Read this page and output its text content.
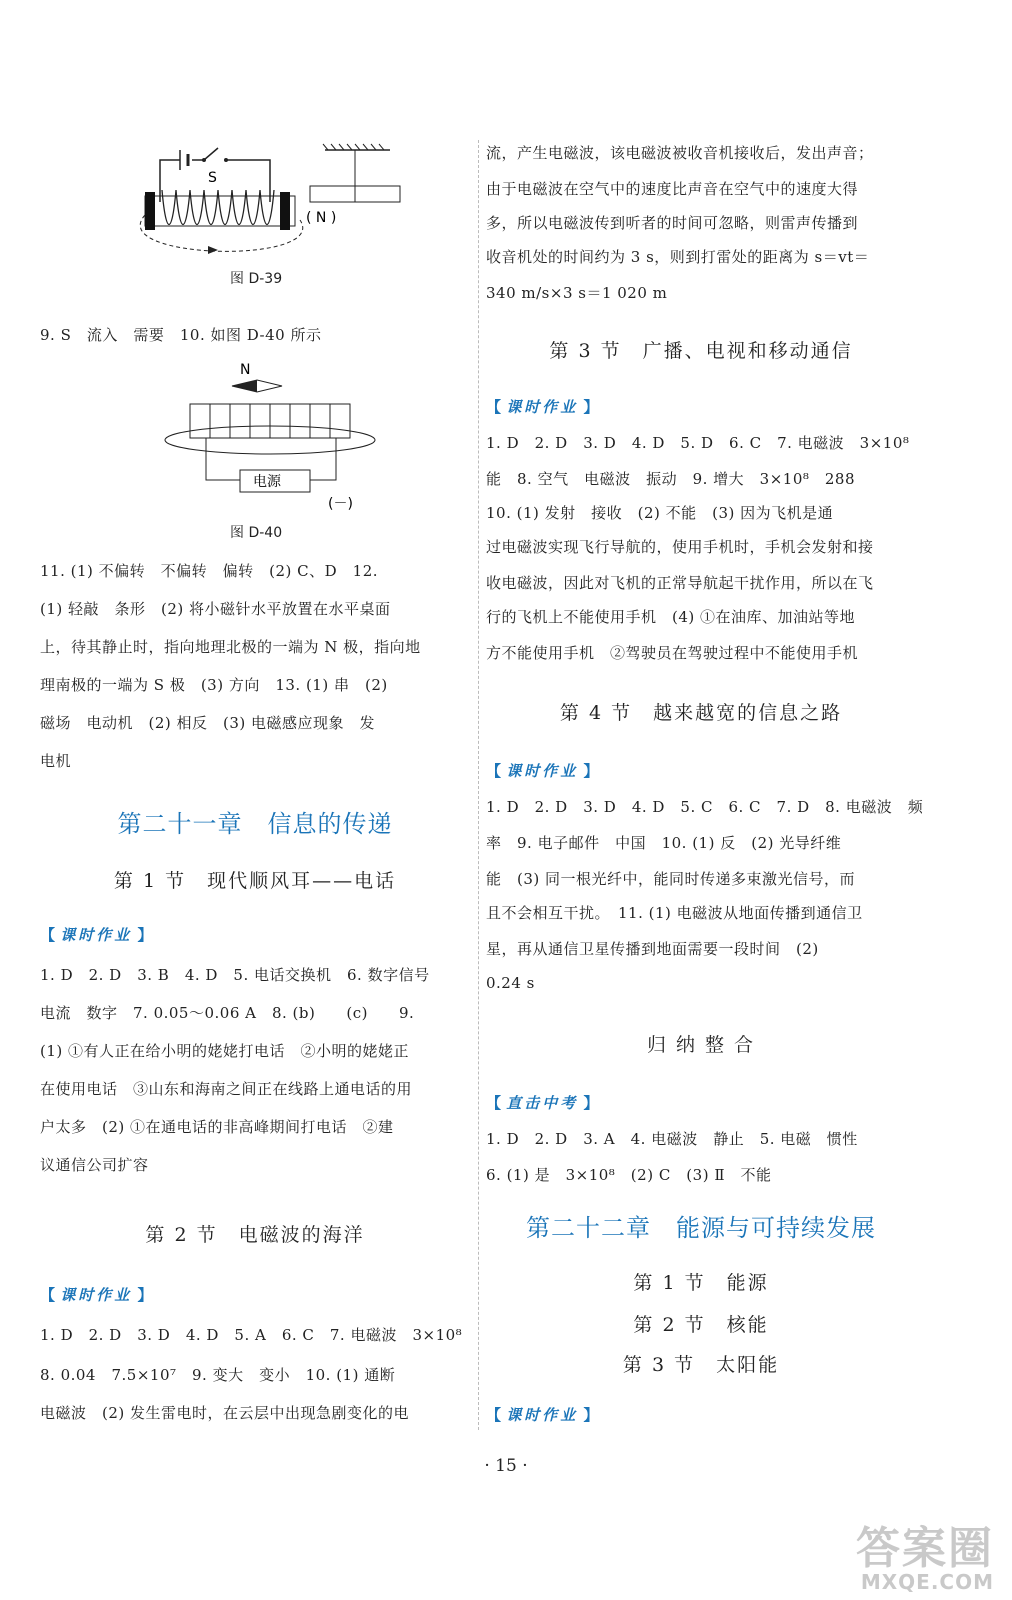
S
( N )
图 D-39
9. S　流入　需要　10. 如图 D-40 所示
N
电源
(－)
图 D-40
11. (1) 不偏转　不偏转　偏转　(2) C、D　12.
(1) 轻敲　条形　(2) 将小磁针水平放置在水平桌面
上，待其静止时，指向地理北极的一端为 N 极，指向地
理南极的一端为 S 极　(3) 方向　13. (1) 串　(2)
磁场　电动机　(2) 相反　(3) 电磁感应现象　发
电机
第二十一章　信息的传递
第 1 节　现代顺风耳——电话
【 课时作业 】
1. D　2. D　3. B　4. D　5. 电话交换机　6. 数字信号
电流　数字　7. 0.05～0.06 A　8. (b)　　(c)　　9.
(1) ①有人正在给小明的姥姥打电话　②小明的姥姥正
在使用电话　③山东和海南之间正在线路上通电话的用
户太多　(2) ①在通电话的非高峰期间打电话　②建
议通信公司扩容
第 2 节　电磁波的海洋
【 课时作业 】
1. D　2. D　3. D　4. D　5. A　6. C　7. 电磁波　3×10⁸
8. 0.04　7.5×10⁷　9. 变大　变小　10. (1) 通断
电磁波　(2) 发生雷电时，在云层中出现急剧变化的电
流，产生电磁波，该电磁波被收音机接收后，发出声音；
由于电磁波在空气中的速度比声音在空气中的速度大得
多，所以电磁波传到听者的时间可忽略，则雷声传播到
收音机处的时间约为 3 s，则到打雷处的距离为 s＝vt＝
340 m/s×3 s＝1 020 m
第 3 节　广播、电视和移动通信
【 课时作业 】
1. D　2. D　3. D　4. D　5. D　6. C　7. 电磁波　3×10⁸
能　8. 空气　电磁波　振动　9. 增大　3×10⁸　288
10. (1) 发射　接收　(2) 不能　(3) 因为飞机是通
过电磁波实现飞行导航的，使用手机时，手机会发射和接
收电磁波，因此对飞机的正常导航起干扰作用，所以在飞
行的飞机上不能使用手机　(4) ①在油库、加油站等地
方不能使用手机　②驾驶员在驾驶过程中不能使用手机
第 4 节　越来越宽的信息之路
【 课时作业 】
1. D　2. D　3. D　4. D　5. C　6. C　7. D　8. 电磁波　频
率　9. 电子邮件　中国　10. (1) 反　(2) 光导纤维
能　(3) 同一根光纤中，能同时传递多束激光信号，而
且不会相互干扰。　11. (1) 电磁波从地面传播到通信卫
星，再从通信卫星传播到地面需要一段时间　(2)
0.24 s
归 纳 整 合
【 直击中考 】
1. D　2. D　3. A　4. 电磁波　静止　5. 电磁　惯性
6. (1) 是　3×10⁸　(2) C　(3) Ⅱ　不能
第二十二章　能源与可持续发展
第 1 节　能源
第 2 节　核能
第 3 节　太阳能
【 课时作业 】
· 15 ·
答案圈
MXQE.COM
